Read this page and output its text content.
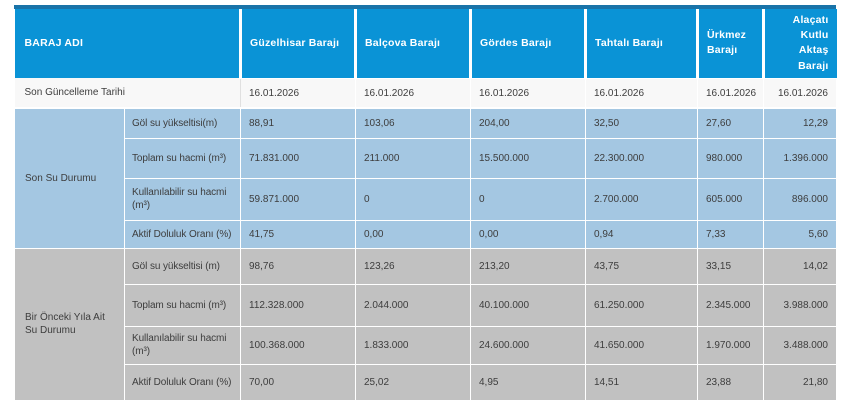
BARAJ ADI		Güzelhisar Barajı	Balçova Barajı	Gördes Barajı	Tahtalı Barajı	Ürkmez Barajı	Alaçatı Kutlu Aktaş Barajı
Son Güncelleme Tarihi		16.01.2026	16.01.2026	16.01.2026	16.01.2026	16.01.2026	16.01.2026
Son Su Durumu	Göl su yükseltisi(m)	88,91	103,06	204,00	32,50	27,60	12,29
	Toplam su hacmi (m³)	71.831.000	211.000	15.500.000	22.300.000	980.000	1.396.000
	Kullanılabilir su hacmi (m³)	59.871.000	0	0	2.700.000	605.000	896.000
	Aktif Doluluk Oranı (%)	41,75	0,00	0,00	0,94	7,33	5,60
Bir Önceki Yıla Ait Su Durumu	Göl su yükseltisi (m)	98,76	123,26	213,20	43,75	33,15	14,02
	Toplam su hacmi (m³)	112.328.000	2.044.000	40.100.000	61.250.000	2.345.000	3.988.000
	Kullanılabilir su hacmi (m³)	100.368.000	1.833.000	24.600.000	41.650.000	1.970.000	3.488.000
	Aktif Doluluk Oranı (%)	70,00	25,02	4,95	14,51	23,88	21,80
